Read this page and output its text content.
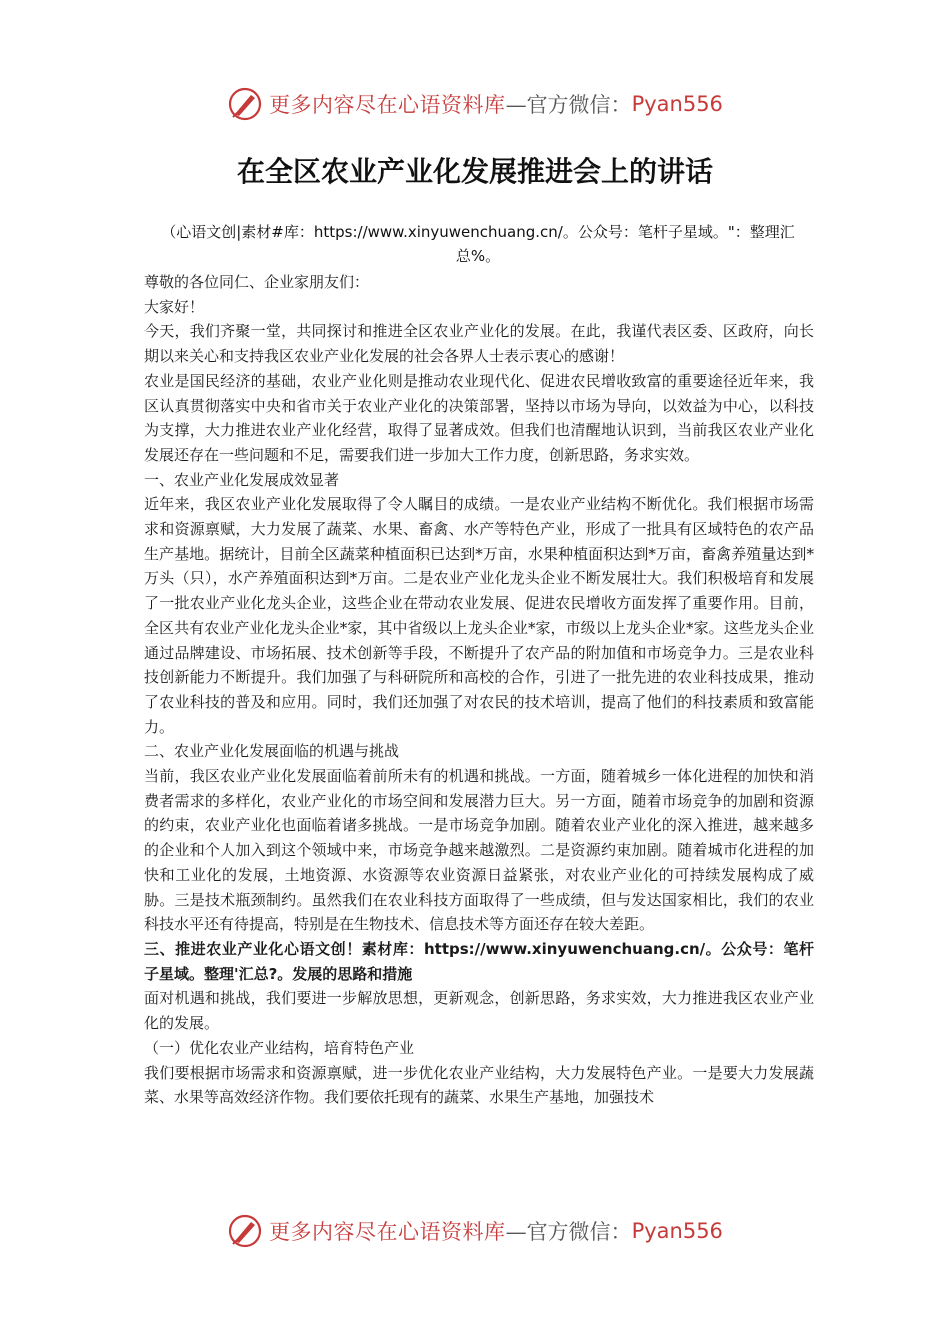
更多内容尽在心语资料库 —官方微信： Pyan556
在全区农业产业化发展推进会上的讲话
（心语文创|素材#库：https://www.xinyuwenchuang.cn/。公众号：笔杆子星域。"：整理汇总%。

尊敬的各位同仁、企业家朋友们：

大家好！

今天，我们齐聚一堂，共同探讨和推进全区农业产业化的发展。在此，我谨代表区委、区政府，向长期以来关心和支持我区农业产业化发展的社会各界人士表示衷心的感谢！

农业是国民经济的基础，农业产业化则是推动农业现代化、促进农民增收致富的重要途径近年来，我区认真贯彻落实中央和省市关于农业产业化的决策部署，坚持以市场为导向，以效益为中心，以科技为支撑，大力推进农业产业化经营，取得了显著成效。但我们也清醒地认识到，当前我区农业产业化发展还存在一些问题和不足，需要我们进一步加大工作力度，创新思路，务求实效。

一、农业产业化发展成效显著

近年来，我区农业产业化发展取得了令人瞩目的成绩。一是农业产业结构不断优化。我们根据市场需求和资源禀赋，大力发展了蔬菜、水果、畜禽、水产等特色产业，形成了一批具有区域特色的农产品生产基地。据统计，目前全区蔬菜种植面积已达到*万亩，水果种植面积达到*万亩，畜禽养殖量达到*万头（只），水产养殖面积达到*万亩。二是农业产业化龙头企业不断发展壮大。我们积极培育和发展了一批农业产业化龙头企业，这些企业在带动农业发展、促进农民增收方面发挥了重要作用。目前，全区共有农业产业化龙头企业*家，其中省级以上龙头企业*家，市级以上龙头企业*家。这些龙头企业通过品牌建设、市场拓展、技术创新等手段，不断提升了农产品的附加值和市场竞争力。三是农业科技创新能力不断提升。我们加强了与科研院所和高校的合作，引进了一批先进的农业科技成果，推动了农业科技的普及和应用。同时，我们还加强了对农民的技术培训，提高了他们的科技素质和致富能力。

二、农业产业化发展面临的机遇与挑战

当前，我区农业产业化发展面临着前所未有的机遇和挑战。一方面，随着城乡一体化进程的加快和消费者需求的多样化，农业产业化的市场空间和发展潜力巨大。另一方面，随着市场竞争的加剧和资源的约束，农业产业化也面临着诸多挑战。一是市场竞争加剧。随着农业产业化的深入推进，越来越多的企业和个人加入到这个领域中来，市场竞争越来越激烈。二是资源约束加剧。随着城市化进程的加快和工业化的发展，土地资源、水资源等农业资源日益紧张，对农业产业化的可持续发展构成了威胁。三是技术瓶颈制约。虽然我们在农业科技方面取得了一些成绩，但与发达国家相比，我们的农业科技水平还有待提高，特别是在生物技术、信息技术等方面还存在较大差距。

三、推进农业产业化心语文创！素材库：https://www.xinyuwenchuang.cn/。公众号：笔杆子星域。整理'汇总?。发展的思路和措施

面对机遇和挑战，我们要进一步解放思想，更新观念，创新思路，务求实效，大力推进我区农业产业化的发展。

（一）优化农业产业结构，培育特色产业

我们要根据市场需求和资源禀赋，进一步优化农业产业结构，大力发展特色产业。一是要大力发展蔬菜、水果等高效经济作物。我们要依托现有的蔬菜、水果生产基地，加强技术

更多内容尽在心语资料库 —官方微信： Pyan556
